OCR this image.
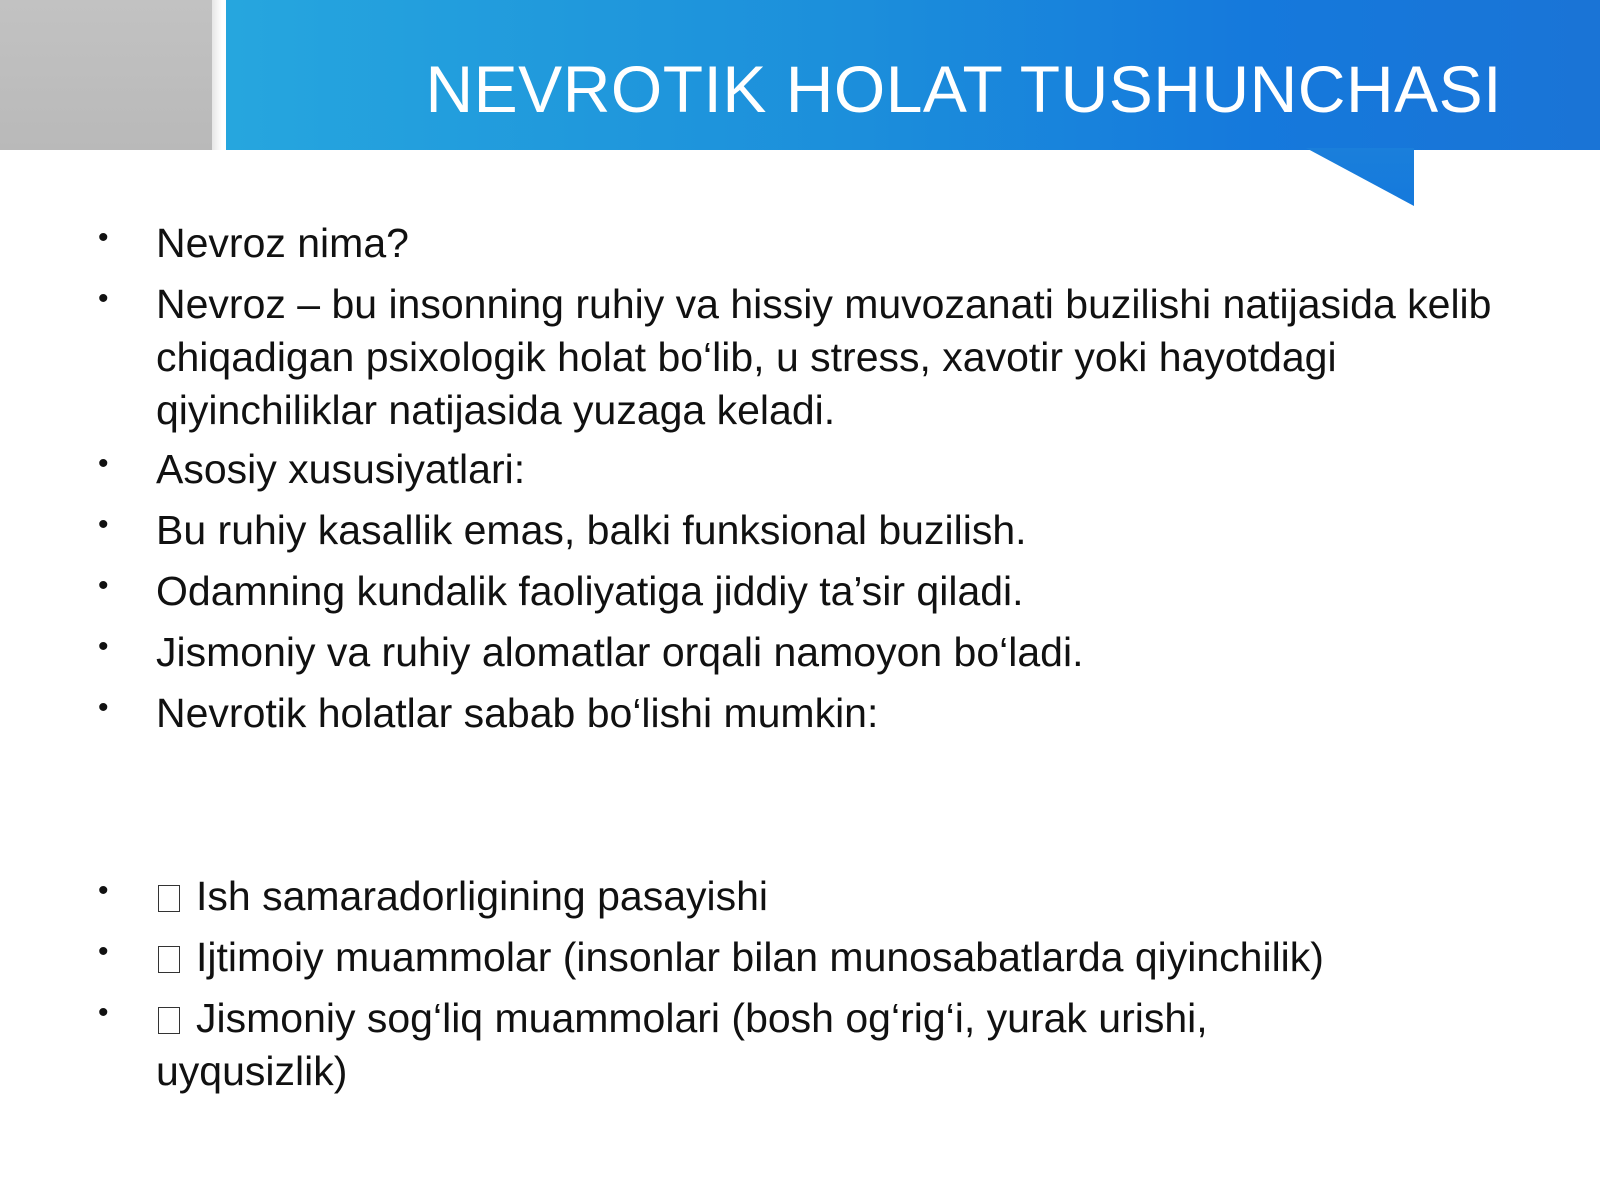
NEVROTIK HOLAT TUSHUNCHASI
• Nevroz nima?
• Nevroz – bu insonning ruhiy va hissiy muvozanati buzilishi natijasida kelib chiqadigan psixologik holat bo‘lib, u stress, xavotir yoki hayotdagi qiyinchiliklar natijasida yuzaga keladi.
• Asosiy xususiyatlari:
• Bu ruhiy kasallik emas, balki funksional buzilish.
• Odamning kundalik faoliyatiga jiddiy ta’sir qiladi.
• Jismoniy va ruhiy alomatlar orqali namoyon bo‘ladi.
• Nevrotik holatlar sabab bo‘lishi mumkin:
• Ish samaradorligining pasayishi
• Ijtimoiy muammolar (insonlar bilan munosabatlarda qiyinchilik)
• Jismoniy sog‘liq muammolari (bosh og‘rig‘i, yurak urishi, uyqusizlik)
